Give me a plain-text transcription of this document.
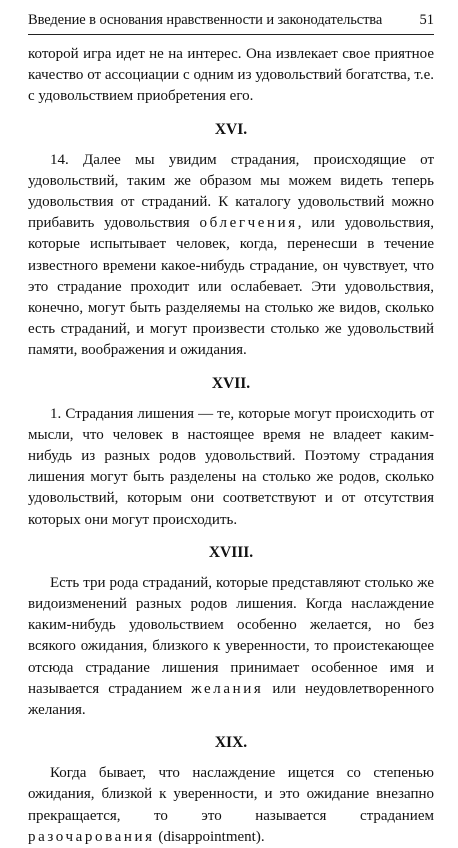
Введение в основания нравственности и законодательства	51

которой игра идет не на интерес. Она извлекает свое приятное качество от ассоциации с одним из удовольствий богатства, т.е. с удовольствием приобретения его.

XVI.

14. Далее мы увидим страдания, происходящие от удовольствий, таким же образом мы можем видеть теперь удовольствия от страданий. К каталогу удовольствий можно прибавить удовольствия облегчения, или удовольствия, которые испытывает человек, когда, перенесши в течение известного времени какое-нибудь страдание, он чувствует, что это страдание проходит или ослабевает. Эти удовольствия, конечно, могут быть разделяемы на столько же видов, сколько есть страданий, и могут произвести столько же удовольствий памяти, воображения и ожидания.

XVII.

1. Страдания лишения — те, которые могут происходить от мысли, что человек в настоящее время не владеет каким-нибудь из разных родов удовольствий. Поэтому страдания лишения могут быть разделены на столько же родов, сколько удовольствий, которым они соответствуют и от отсутствия которых они могут происходить.

XVIII.

Есть три рода страданий, которые представляют столько же видоизменений разных родов лишения. Когда наслаждение каким-нибудь удовольствием особенно желается, но без всякого ожидания, близкого к уверенности, то проистекающее отсюда страдание лишения принимает особенное имя и называется страданием желания или неудовлетворенного желания.

XIX.

Когда бывает, что наслаждение ищется со степенью ожидания, близкой к уверенности, и это ожидание внезапно прекращается, то это называется страданием разочарования (disappointment).
